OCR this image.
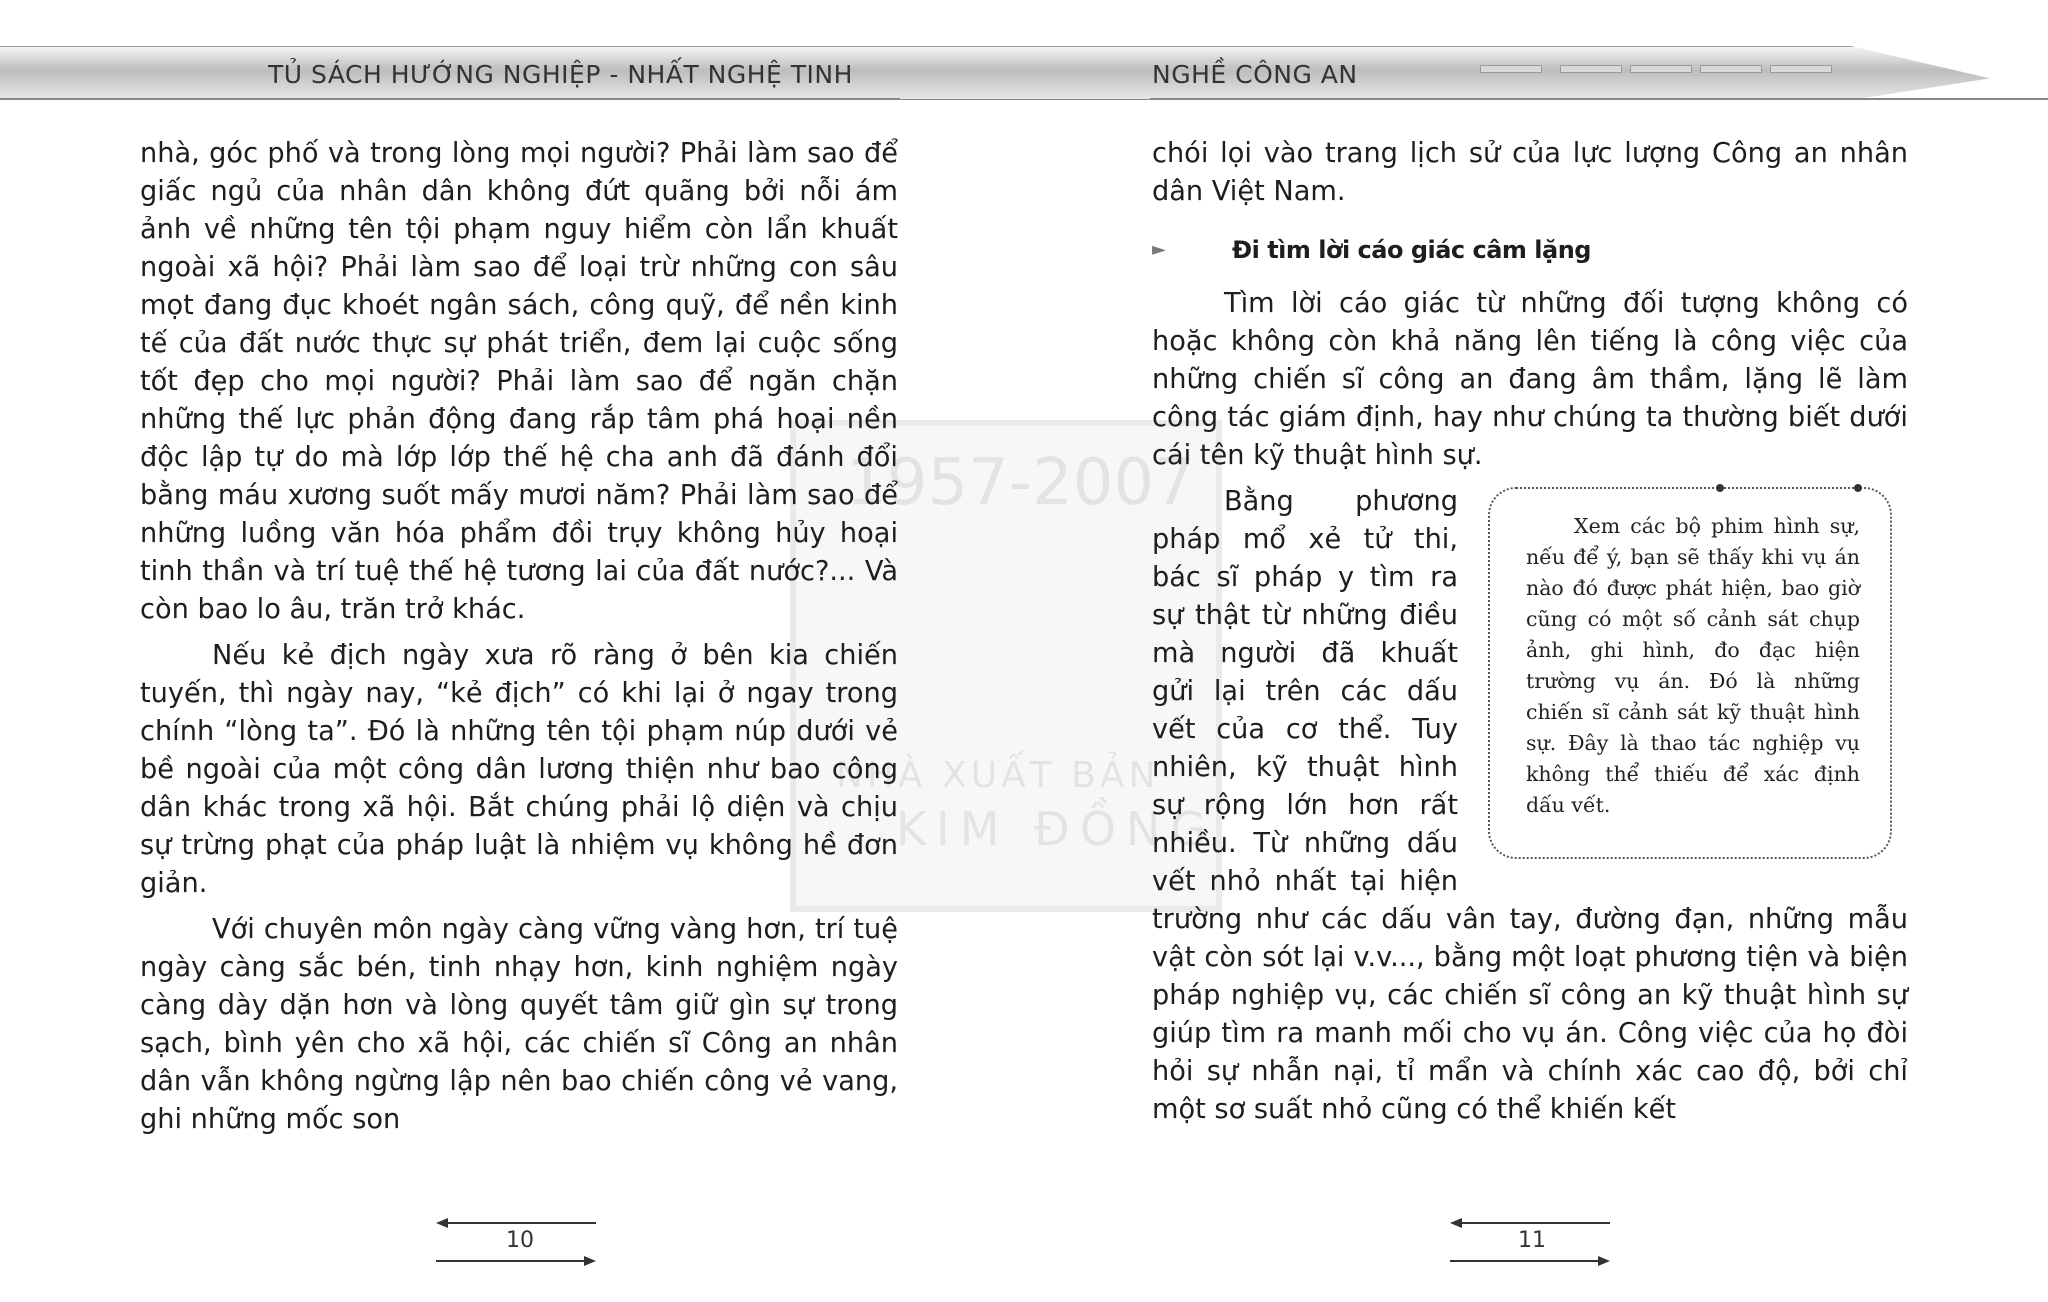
TỦ SÁCH HƯỚNG NGHIỆP - NHẤT NGHỆ TINH	NGHỀ CÔNG AN
1957-2007
NHÀ XUẤT BẢN
KIM ĐỒNG

nhà, góc phố và trong lòng mọi người? Phải làm sao để giấc ngủ của nhân dân không đứt quãng bởi nỗi ám ảnh về những tên tội phạm nguy hiểm còn lẩn khuất ngoài xã hội? Phải làm sao để loại trừ những con sâu mọt đang đục khoét ngân sách, công quỹ, để nền kinh tế của đất nước thực sự phát triển, đem lại cuộc sống tốt đẹp cho mọi người? Phải làm sao để ngăn chặn những thế lực phản động đang rắp tâm phá hoại nền độc lập tự do mà lớp lớp thế hệ cha anh đã đánh đổi bằng máu xương suốt mấy mươi năm? Phải làm sao để những luồng văn hóa phẩm đồi trụy không hủy hoại tinh thần và trí tuệ thế hệ tương lai của đất nước?... Và còn bao lo âu, trăn trở khác.

Nếu kẻ địch ngày xưa rõ ràng ở bên kia chiến tuyến, thì ngày nay, “kẻ địch” có khi lại ở ngay trong chính “lòng ta”. Đó là những tên tội phạm núp dưới vẻ bề ngoài của một công dân lương thiện như bao công dân khác trong xã hội. Bắt chúng phải lộ diện và chịu sự trừng phạt của pháp luật là nhiệm vụ không hề đơn giản.

Với chuyên môn ngày càng vững vàng hơn, trí tuệ ngày càng sắc bén, tinh nhạy hơn, kinh nghiệm ngày càng dày dặn hơn và lòng quyết tâm giữ gìn sự trong sạch, bình yên cho xã hội, các chiến sĩ Công an nhân dân vẫn không ngừng lập nên bao chiến công vẻ vang, ghi những mốc son

chói lọi vào trang lịch sử của lực lượng Công an nhân dân Việt Nam.

►	Đi tìm lời cáo giác câm lặng

Tìm lời cáo giác từ những đối tượng không có hoặc không còn khả năng lên tiếng là công việc của những chiến sĩ công an đang âm thầm, lặng lẽ làm công tác giám định, hay như chúng ta thường biết dưới cái tên kỹ thuật hình sự.

Xem các bộ phim hình sự, nếu để ý, bạn sẽ thấy khi vụ án nào đó được phát hiện, bao giờ cũng có một số cảnh sát chụp ảnh, ghi hình, đo đạc hiện trường vụ án. Đó là những chiến sĩ cảnh sát kỹ thuật hình sự. Đây là thao tác nghiệp vụ không thể thiếu để xác định dấu vết.

Bằng phương pháp mổ xẻ tử thi, bác sĩ pháp y tìm ra sự thật từ những điều mà người đã khuất gửi lại trên các dấu vết của cơ thể. Tuy nhiên, kỹ thuật hình sự rộng lớn hơn rất nhiều. Từ những dấu vết nhỏ nhất tại hiện trường như các dấu vân tay, đường đạn, những mẫu vật còn sót lại v.v..., bằng một loạt phương tiện và biện pháp nghiệp vụ, các chiến sĩ công an kỹ thuật hình sự giúp tìm ra manh mối cho vụ án. Công việc của họ đòi hỏi sự nhẫn nại, tỉ mẩn và chính xác cao độ, bởi chỉ một sơ suất nhỏ cũng có thể khiến kết

10	11
